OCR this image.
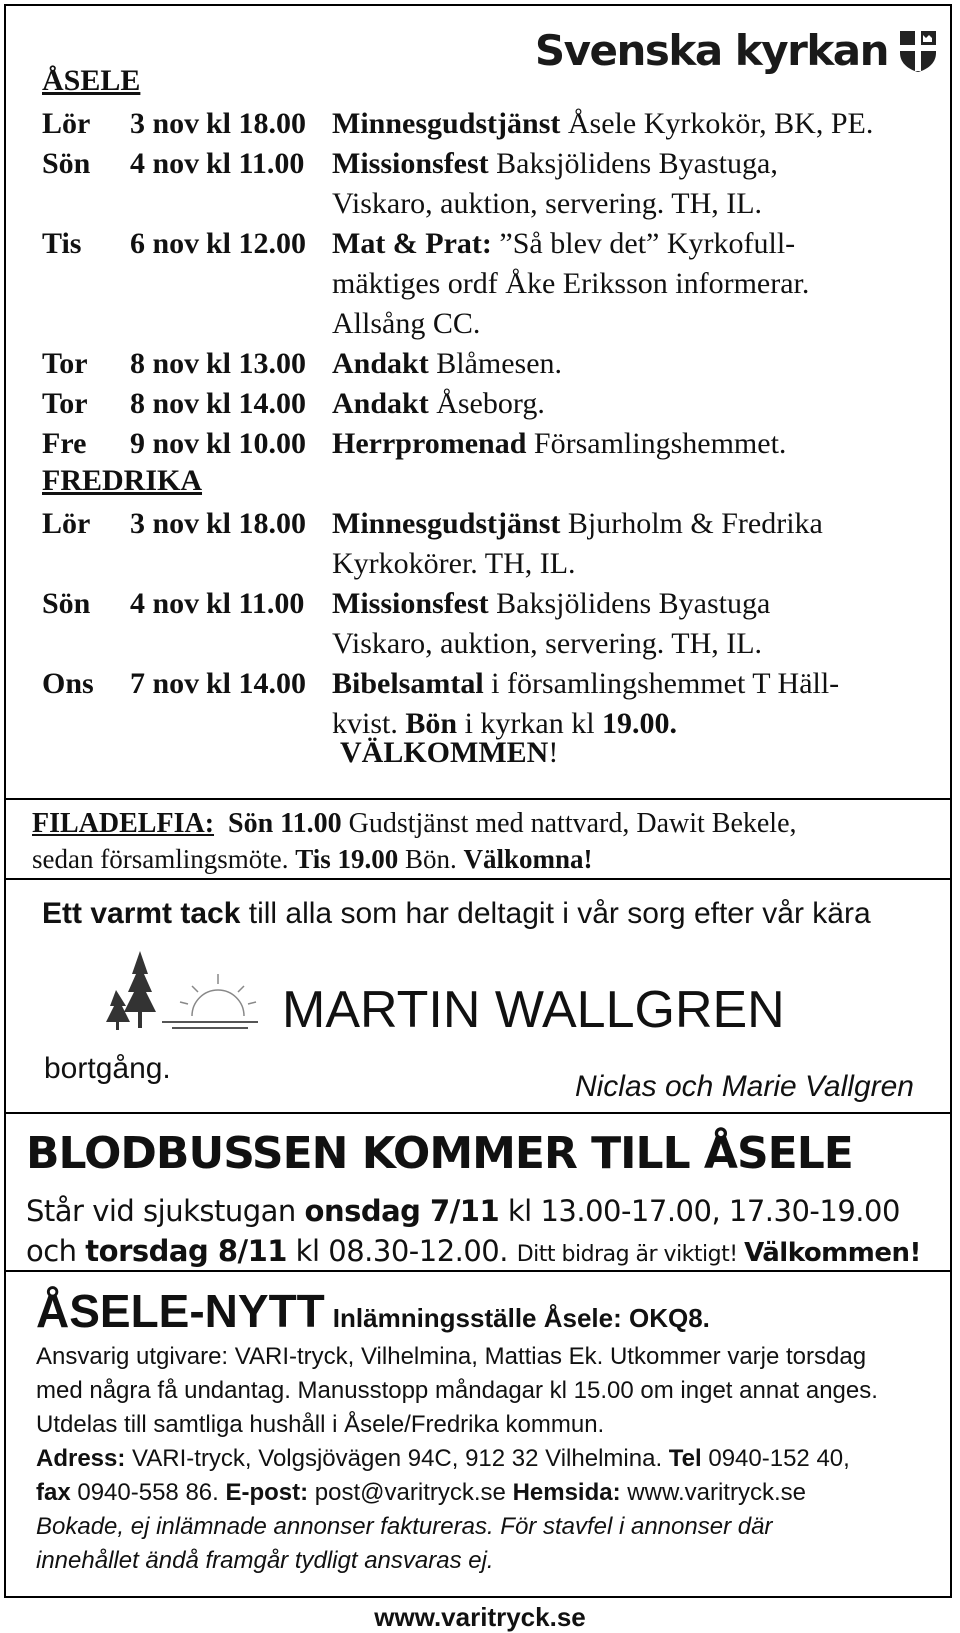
Svenska kyrkan
ÅSELE
Lör 3 nov kl 18.00 Minnesgudstjänst Åsele Kyrkokör, BK, PE.
Sön 4 nov kl 11.00 Missionsfest Baksjölidens Byastuga, Viskaro, auktion, servering. TH, IL.
Tis 6 nov kl 12.00 Mat & Prat: ”Så blev det” Kyrkofull-mäktiges ordf Åke Eriksson informerar. Allsång CC.
Tor 8 nov kl 13.00 Andakt Blåmesen.
Tor 8 nov kl 14.00 Andakt Åseborg.
Fre 9 nov kl 10.00 Herrpromenad Församlingshemmet.
FREDRIKA
Lör 3 nov kl 18.00 Minnesgudstjänst Bjurholm & Fredrika Kyrkokörer. TH, IL.
Sön 4 nov kl 11.00 Missionsfest Baksjölidens Byastuga Viskaro, auktion, servering. TH, IL.
Ons 7 nov kl 14.00 Bibelsamtal i församlingshemmet T Häll-kvist. Bön i kyrkan kl 19.00.
VÄLKOMMEN!
FILADELFIA: Sön 11.00 Gudstjänst med nattvard, Dawit Bekele,
sedan församlingsmöte. Tis 19.00 Bön. Välkomna!
Ett varmt tack till alla som har deltagit i vår sorg efter vår kära
MARTIN WALLGREN
bortgång.
Niclas och Marie Vallgren
BLODBUSSEN KOMMER TILL ÅSELE
Står vid sjukstugan onsdag 7/11 kl 13.00-17.00, 17.30-19.00
och torsdag 8/11 kl 08.30-12.00. Ditt bidrag är viktigt! Välkommen!
ÅSELE-NYTT Inlämningsställe Åsele: OKQ8.

Ansvarig utgivare: VARI-tryck, Vilhelmina, Mattias Ek. Utkommer varje torsdag

med några få undantag. Manusstopp måndagar kl 15.00 om inget annat anges.

Utdelas till samtliga hushåll i Åsele/Fredrika kommun.

Adress: VARI-tryck, Volgsjövägen 94C, 912 32 Vilhelmina. Tel 0940-152 40,

fax 0940-558 86. E-post: post@varitryck.se Hemsida: www.varitryck.se

Bokade, ej inlämnade annonser faktureras. För stavfel i annonser där

innehållet ändå framgår tydligt ansvaras ej.

www.varitryck.se
